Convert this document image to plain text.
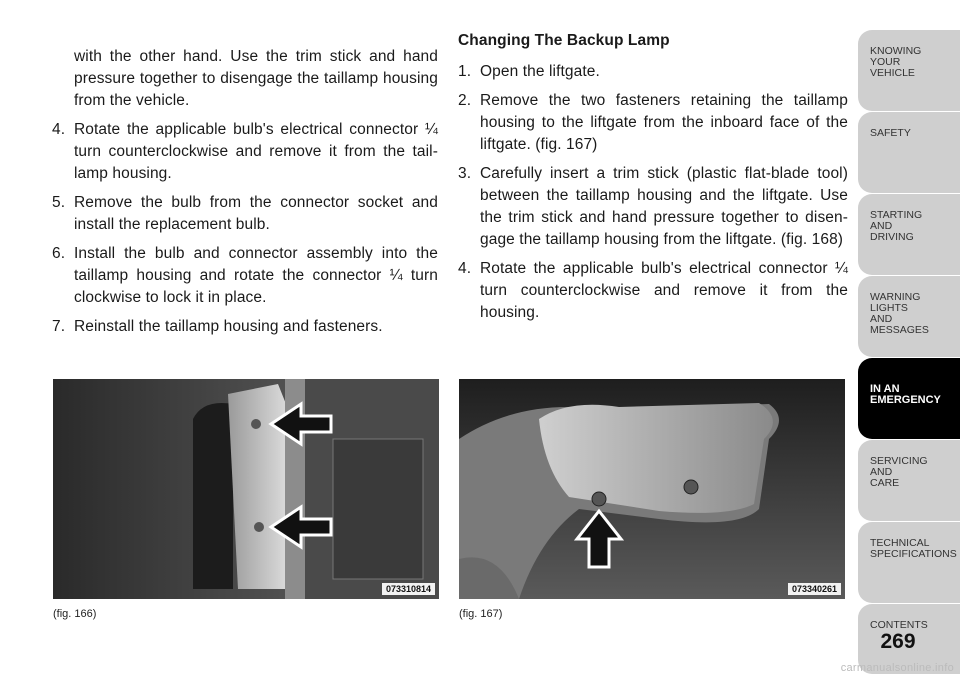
with the other hand. Use the trim stick and hand pressure together to disengage the taillamp housing from the vehicle.

4. Rotate the applicable bulb's electrical connector ¼ turn counterclockwise and remove it from the tail- lamp housing.
5. Remove the bulb from the connector socket and install the replacement bulb.
6. Install the bulb and connector assembly into the taillamp housing and rotate the connector ¼ turn clockwise to lock it in place.
7. Reinstall the taillamp housing and fasteners.

Changing The Backup Lamp

1. Open the liftgate.
2. Remove the two fasteners retaining the taillamp housing to the liftgate from the inboard face of the liftgate. (fig. 167)
3. Carefully insert a trim stick (plastic flat-blade tool) between the taillamp housing and the liftgate. Use the trim stick and hand pressure together to disen- gage the taillamp housing from the liftgate. (fig. 168)
4. Rotate the applicable bulb's electrical connector ¼ turn counterclockwise and remove it from the housing.
073310814
(fig. 166)
073340261
(fig. 167)
KNOWING
YOUR
VEHICLE
SAFETY
STARTING
AND
DRIVING
WARNING
LIGHTS
AND
MESSAGES
IN AN
EMERGENCY
SERVICING
AND
CARE
TECHNICAL
SPECIFICATIONS
CONTENTS
269
carmanualsonline.info
